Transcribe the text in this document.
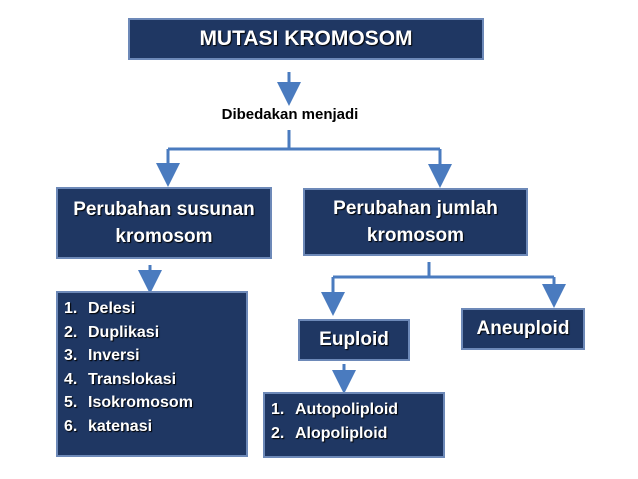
MUTASI KROMOSOM
Dibedakan menjadi
Perubahan susunan
kromosom
Perubahan jumlah
kromosom
1. Delesi
2. Duplikasi
3. Inversi
4. Translokasi
5. Isokromosom
6. katenasi
Euploid
Aneuploid
1. Autopoliploid
2. Alopoliploid
